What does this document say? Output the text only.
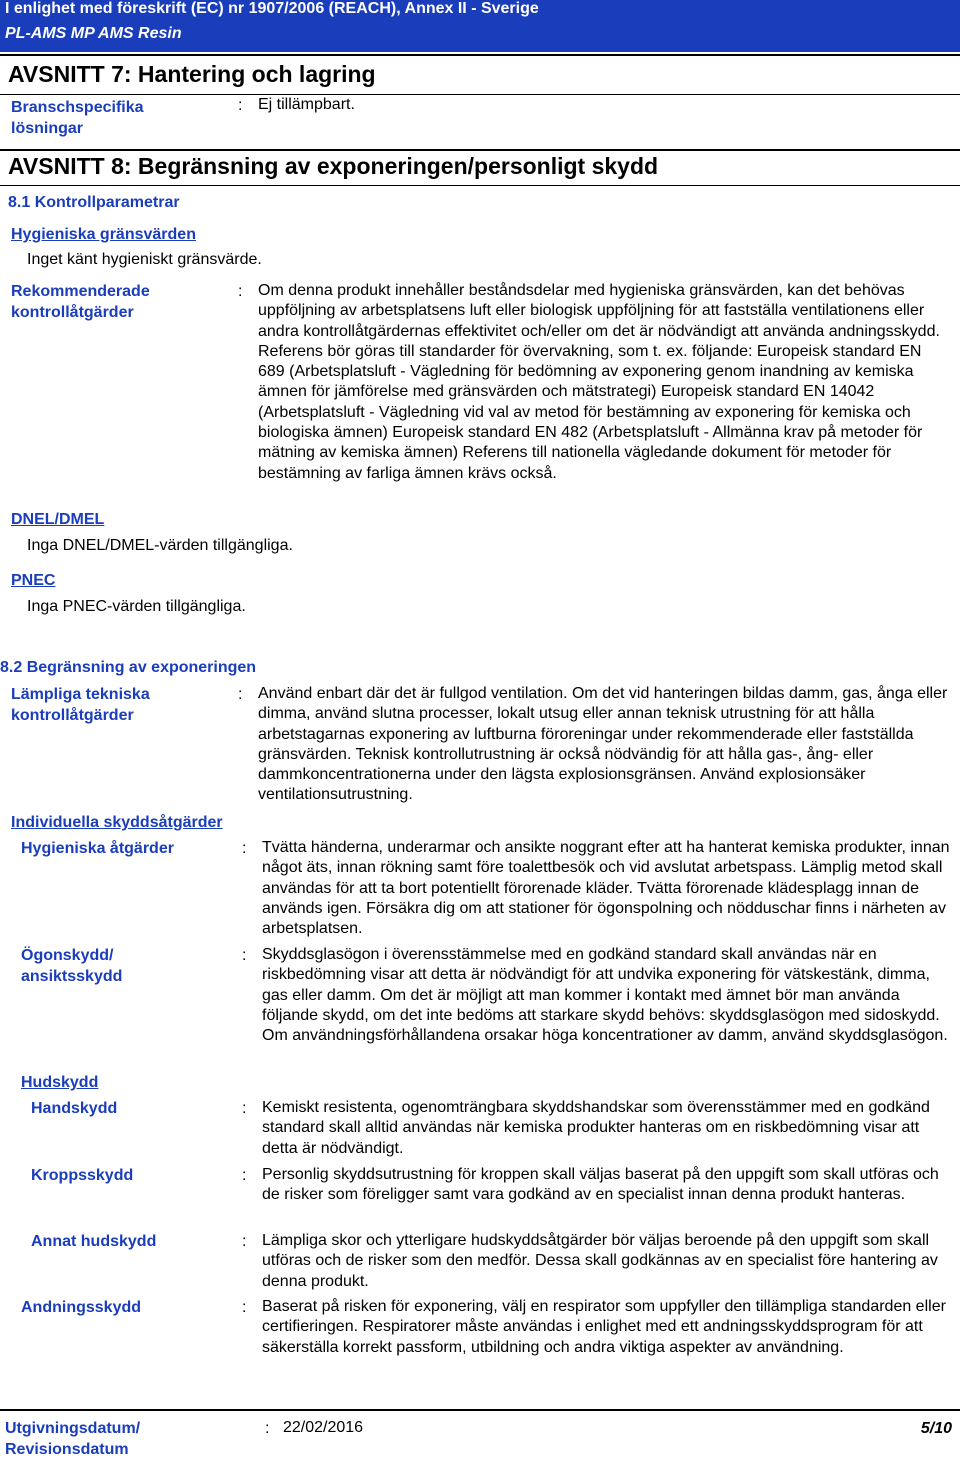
I enlighet med föreskrift (EC) nr 1907/2006 (REACH), Annex II - Sverige
PL-AMS MP AMS Resin
AVSNITT 7: Hantering och lagring
Branschspecifika lösningar
: Ej tillämpbart.
AVSNITT 8: Begränsning av exponeringen/personligt skydd
8.1 Kontrollparametrar
Hygieniska gränsvärden
Inget känt hygieniskt gränsvärde.
Rekommenderade kontrollåtgärder
: Om denna produkt innehåller beståndsdelar med hygieniska gränsvärden, kan det behövas uppföljning av arbetsplatsens luft eller biologisk uppföljning för att fastställa ventilationens eller andra kontrollåtgärdernas effektivitet och/eller om det är nödvändigt att använda andningsskydd. Referens bör göras till standarder för övervakning, som t. ex. följande: Europeisk standard EN 689 (Arbetsplatsluft - Vägledning för bedömning av exponering genom inandning av kemiska ämnen för jämförelse med gränsvärden och mätstrategi) Europeisk standard EN 14042 (Arbetsplatsluft - Vägledning vid val av metod för bestämning av exponering för kemiska och biologiska ämnen) Europeisk standard EN 482 (Arbetsplatsluft - Allmänna krav på metoder för mätning av kemiska ämnen) Referens till nationella vägledande dokument för metoder för bestämning av farliga ämnen krävs också.
DNEL/DMEL
Inga DNEL/DMEL-värden tillgängliga.
PNEC
Inga PNEC-värden tillgängliga.
8.2 Begränsning av exponeringen
Lämpliga tekniska kontrollåtgärder
: Använd enbart där det är fullgod ventilation. Om det vid hanteringen bildas damm, gas, ånga eller dimma, använd slutna processer, lokalt utsug eller annan teknisk utrustning för att hålla arbetstagarnas exponering av luftburna föroreningar under rekommenderade eller fastställda gränsvärden. Teknisk kontrollutrustning är också nödvändig för att hålla gas-, ång- eller dammkoncentrationerna under den lägsta explosionsgränsen. Använd explosionsäker ventilationsutrustning.
Individuella skyddsåtgärder
Hygieniska åtgärder	: Tvätta händerna, underarmar och ansikte noggrant efter att ha hanterat kemiska produkter, innan något äts, innan rökning samt före toalettbesök och vid avslutat arbetspass. Lämplig metod skall användas för att ta bort potentiellt förorenade kläder. Tvätta förorenade klädesplagg innan de används igen. Försäkra dig om att stationer för ögonspolning och nödduschar finns i närheten av arbetsplatsen.
Ögonskydd/ ansiktsskydd
: Skyddsglasögon i överensstämmelse med en godkänd standard skall användas när en riskbedömning visar att detta är nödvändigt för att undvika exponering för vätskestänk, dimma, gas eller damm. Om det är möjligt att man kommer i kontakt med ämnet bör man använda följande skydd, om det inte bedöms att starkare skydd behövs: skyddsglasögon med sidoskydd. Om användningsförhållandena orsakar höga koncentrationer av damm, använd skyddsglasögon.
Hudskydd
Handskydd	: Kemiskt resistenta, ogenomträngbara skyddshandskar som överensstämmer med en godkänd standard skall alltid användas när kemiska produkter hanteras om en riskbedömning visar att detta är nödvändigt.
Kroppsskydd	: Personlig skyddsutrustning för kroppen skall väljas baserat på den uppgift som skall utföras och de risker som föreligger samt vara godkänd av en specialist innan denna produkt hanteras.
Annat hudskydd	: Lämpliga skor och ytterligare hudskyddsåtgärder bör väljas beroende på den uppgift som skall utföras och de risker som den medför. Dessa skall godkännas av en specialist före hantering av denna produkt.
Andningsskydd	: Baserat på risken för exponering, välj en respirator som uppfyller den tillämpliga standarden eller certifieringen. Respiratorer måste användas i enlighet med ett andningsskyddsprogram för att säkerställa korrekt passform, utbildning och andra viktiga aspekter av användning.
Utgivningsdatum/ Revisionsdatum
: 22/02/2016	5/10
